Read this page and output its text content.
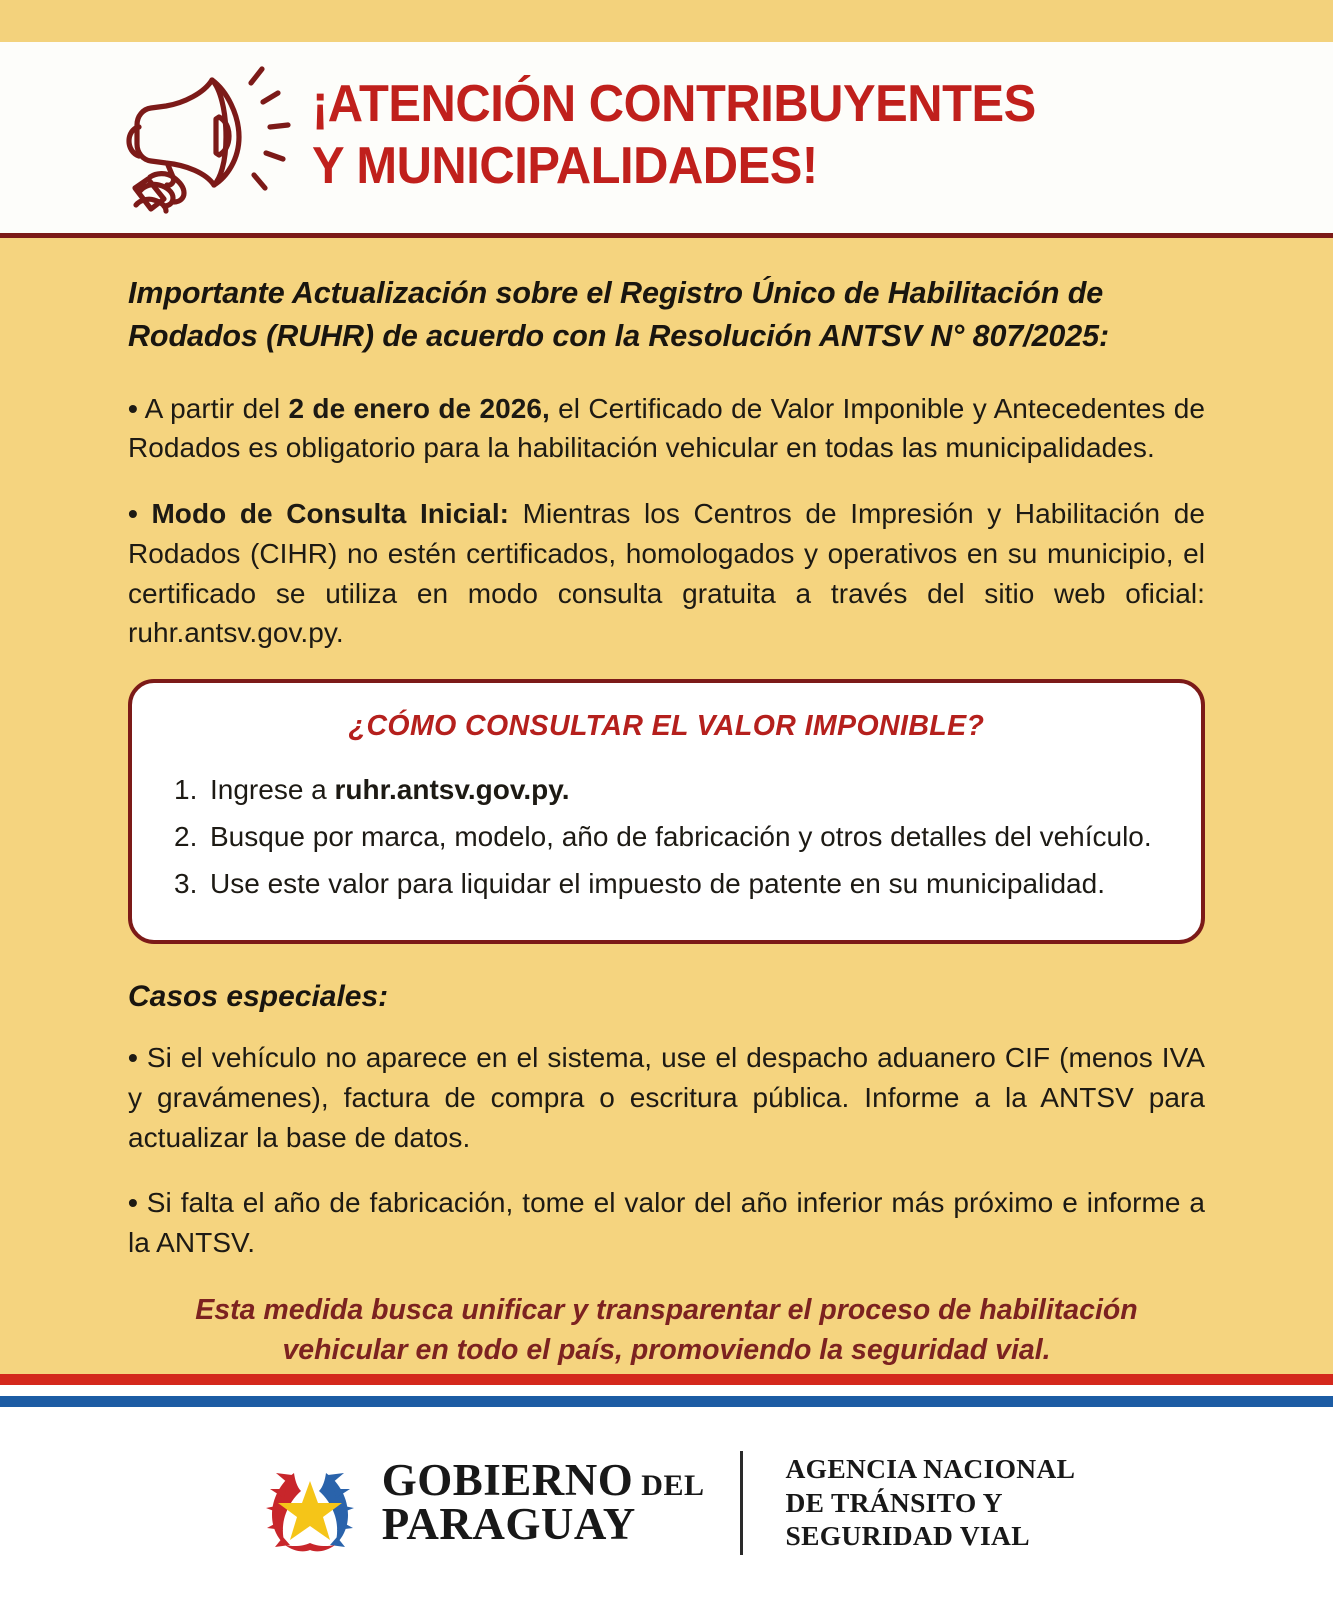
¡ATENCIÓN CONTRIBUYENTES
Y MUNICIPALIDADES!
Importante Actualización sobre el Registro Único de Habilitación de Rodados (RUHR) de acuerdo con la Resolución ANTSV N° 807/2025:

• A partir del 2 de enero de 2026, el Certificado de Valor Imponible y Antecedentes de Rodados es obligatorio para la habilitación vehicular en todas las municipalidades.

• Modo de Consulta Inicial: Mientras los Centros de Impresión y Habilitación de Rodados (CIHR) no estén certificados, homologados y operativos en su municipio, el certificado se utiliza en modo consulta gratuita a través del sitio web oficial: ruhr.antsv.gov.py.

¿CÓMO CONSULTAR EL VALOR IMPONIBLE?
Ingrese a ruhr.antsv.gov.py.
Busque por marca, modelo, año de fabricación y otros detalles del vehículo.
Use este valor para liquidar el impuesto de patente en su municipalidad.
Casos especiales:

• Si el vehículo no aparece en el sistema, use el despacho aduanero CIF (menos IVA y gravámenes), factura de compra o escritura pública. Informe a la ANTSV para actualizar la base de datos.

• Si falta el año de fabricación, tome el valor del año inferior más próximo e informe a la ANTSV.

Esta medida busca unificar y transparentar el proceso de habilitación
vehicular en todo el país, promoviendo la seguridad vial.
GOBIERNO DEL
PARAGUAY
AGENCIA NACIONAL
DE TRÁNSITO Y
SEGURIDAD VIAL
